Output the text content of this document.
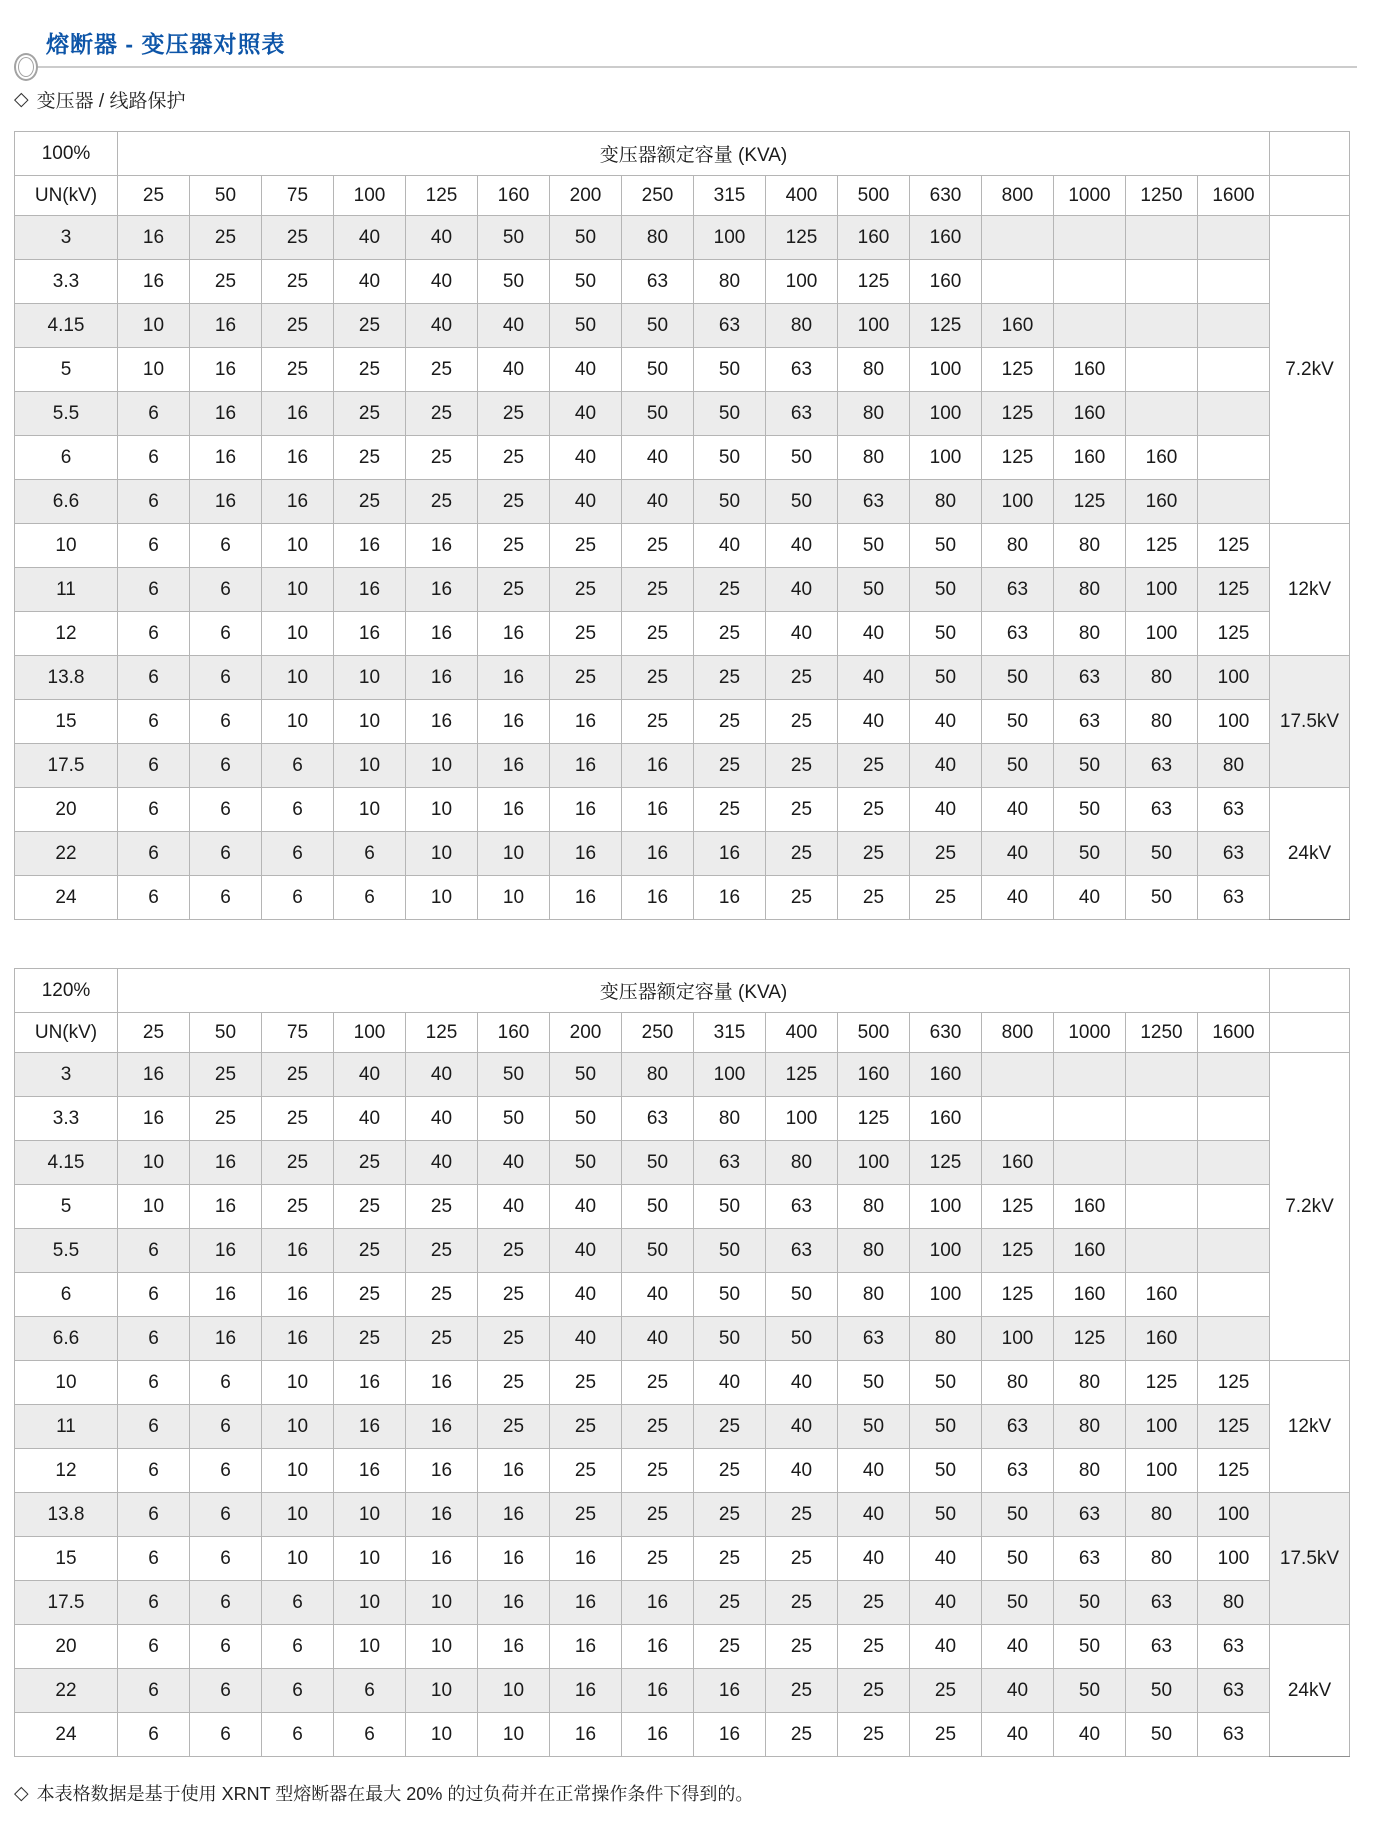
熔断器 - 变压器对照表
◇ 变压器 / 线路保护
100%	变压器额定容量 (KVA)																
UN(kV)	25	50	75	100	125	160	200	250	315	400	500	630	800	1000	1250	1600	
3	16	25	25	40	40	50	50	80	100	125	160	160					7.2kV
3.3	16	25	25	40	40	50	50	63	80	100	125	160					
4.15	10	16	25	25	40	40	50	50	63	80	100	125	160				
5	10	16	25	25	25	40	40	50	50	63	80	100	125	160			
5.5	6	16	16	25	25	25	40	50	50	63	80	100	125	160			
6	6	16	16	25	25	25	40	40	50	50	80	100	125	160	160		
6.6	6	16	16	25	25	25	40	40	50	50	63	80	100	125	160		
10	6	6	10	16	16	25	25	25	40	40	50	50	80	80	125	125	12kV
11	6	6	10	16	16	25	25	25	25	40	50	50	63	80	100	125	
12	6	6	10	16	16	16	25	25	25	40	40	50	63	80	100	125	
13.8	6	6	10	10	16	16	25	25	25	25	40	50	50	63	80	100	17.5kV
15	6	6	10	10	16	16	16	25	25	25	40	40	50	63	80	100	
17.5	6	6	6	10	10	16	16	16	25	25	25	40	50	50	63	80	
20	6	6	6	10	10	16	16	16	25	25	25	40	40	50	63	63	24kV
22	6	6	6	6	10	10	16	16	16	25	25	25	40	50	50	63	
24	6	6	6	6	10	10	16	16	16	25	25	25	40	40	50	63	
120%	变压器额定容量 (KVA)																
UN(kV)	25	50	75	100	125	160	200	250	315	400	500	630	800	1000	1250	1600	
3	16	25	25	40	40	50	50	80	100	125	160	160					7.2kV
3.3	16	25	25	40	40	50	50	63	80	100	125	160					
4.15	10	16	25	25	40	40	50	50	63	80	100	125	160				
5	10	16	25	25	25	40	40	50	50	63	80	100	125	160			
5.5	6	16	16	25	25	25	40	50	50	63	80	100	125	160			
6	6	16	16	25	25	25	40	40	50	50	80	100	125	160	160		
6.6	6	16	16	25	25	25	40	40	50	50	63	80	100	125	160		
10	6	6	10	16	16	25	25	25	40	40	50	50	80	80	125	125	12kV
11	6	6	10	16	16	25	25	25	25	40	50	50	63	80	100	125	
12	6	6	10	16	16	16	25	25	25	40	40	50	63	80	100	125	
13.8	6	6	10	10	16	16	25	25	25	25	40	50	50	63	80	100	17.5kV
15	6	6	10	10	16	16	16	25	25	25	40	40	50	63	80	100	
17.5	6	6	6	10	10	16	16	16	25	25	25	40	50	50	63	80	
20	6	6	6	10	10	16	16	16	25	25	25	40	40	50	63	63	24kV
22	6	6	6	6	10	10	16	16	16	25	25	25	40	50	50	63	
24	6	6	6	6	10	10	16	16	16	25	25	25	40	40	50	63	
◇ 本表格数据是基于使用 XRNT 型熔断器在最大 20% 的过负荷并在正常操作条件下得到的。
